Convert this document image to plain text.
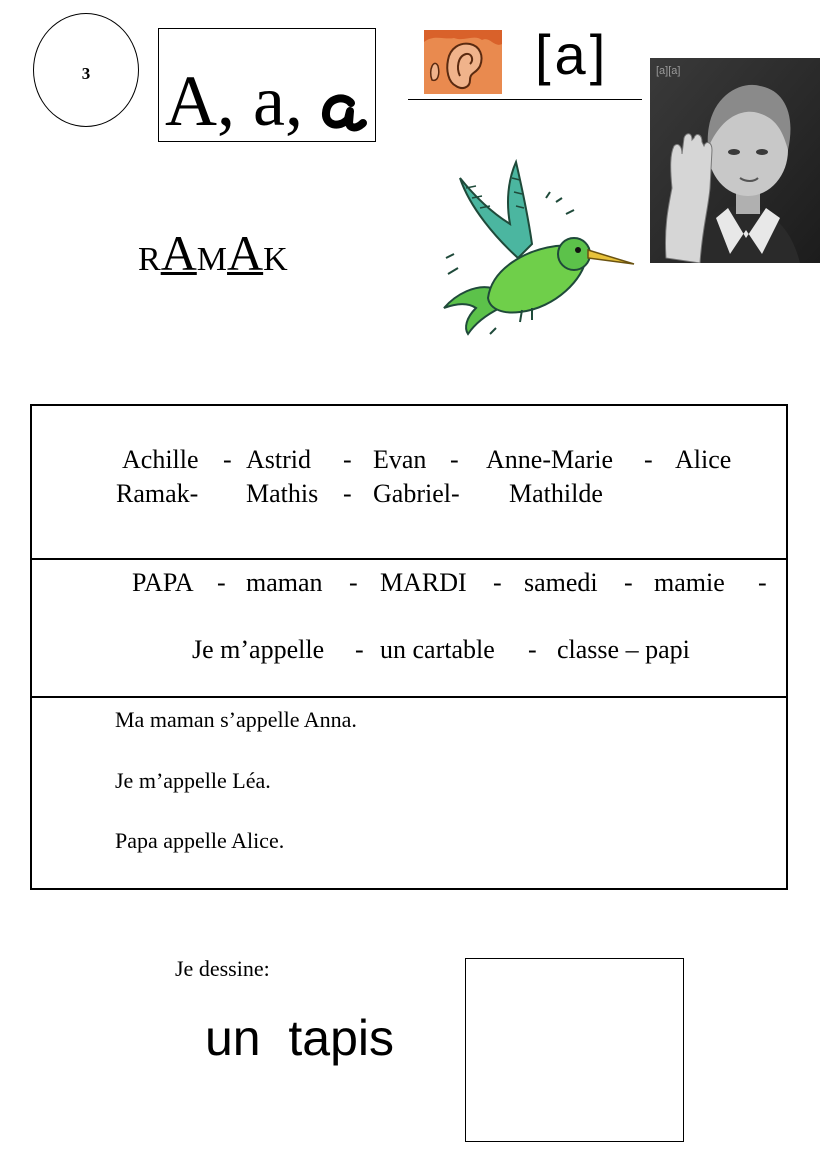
3	A, a,
[a]	[a][a]
RAMAK
Achille - Astrid - Evan - Anne-Marie - Alice
Ramak- Mathis - Gabriel- Mathilde
PAPA - maman - MARDI - samedi - mamie -
Je m’appelle - un cartable - classe – papi
Ma maman s’appelle Anna.
Je m’appelle Léa.
Papa appelle Alice.
Je dessine:
un  tapis
